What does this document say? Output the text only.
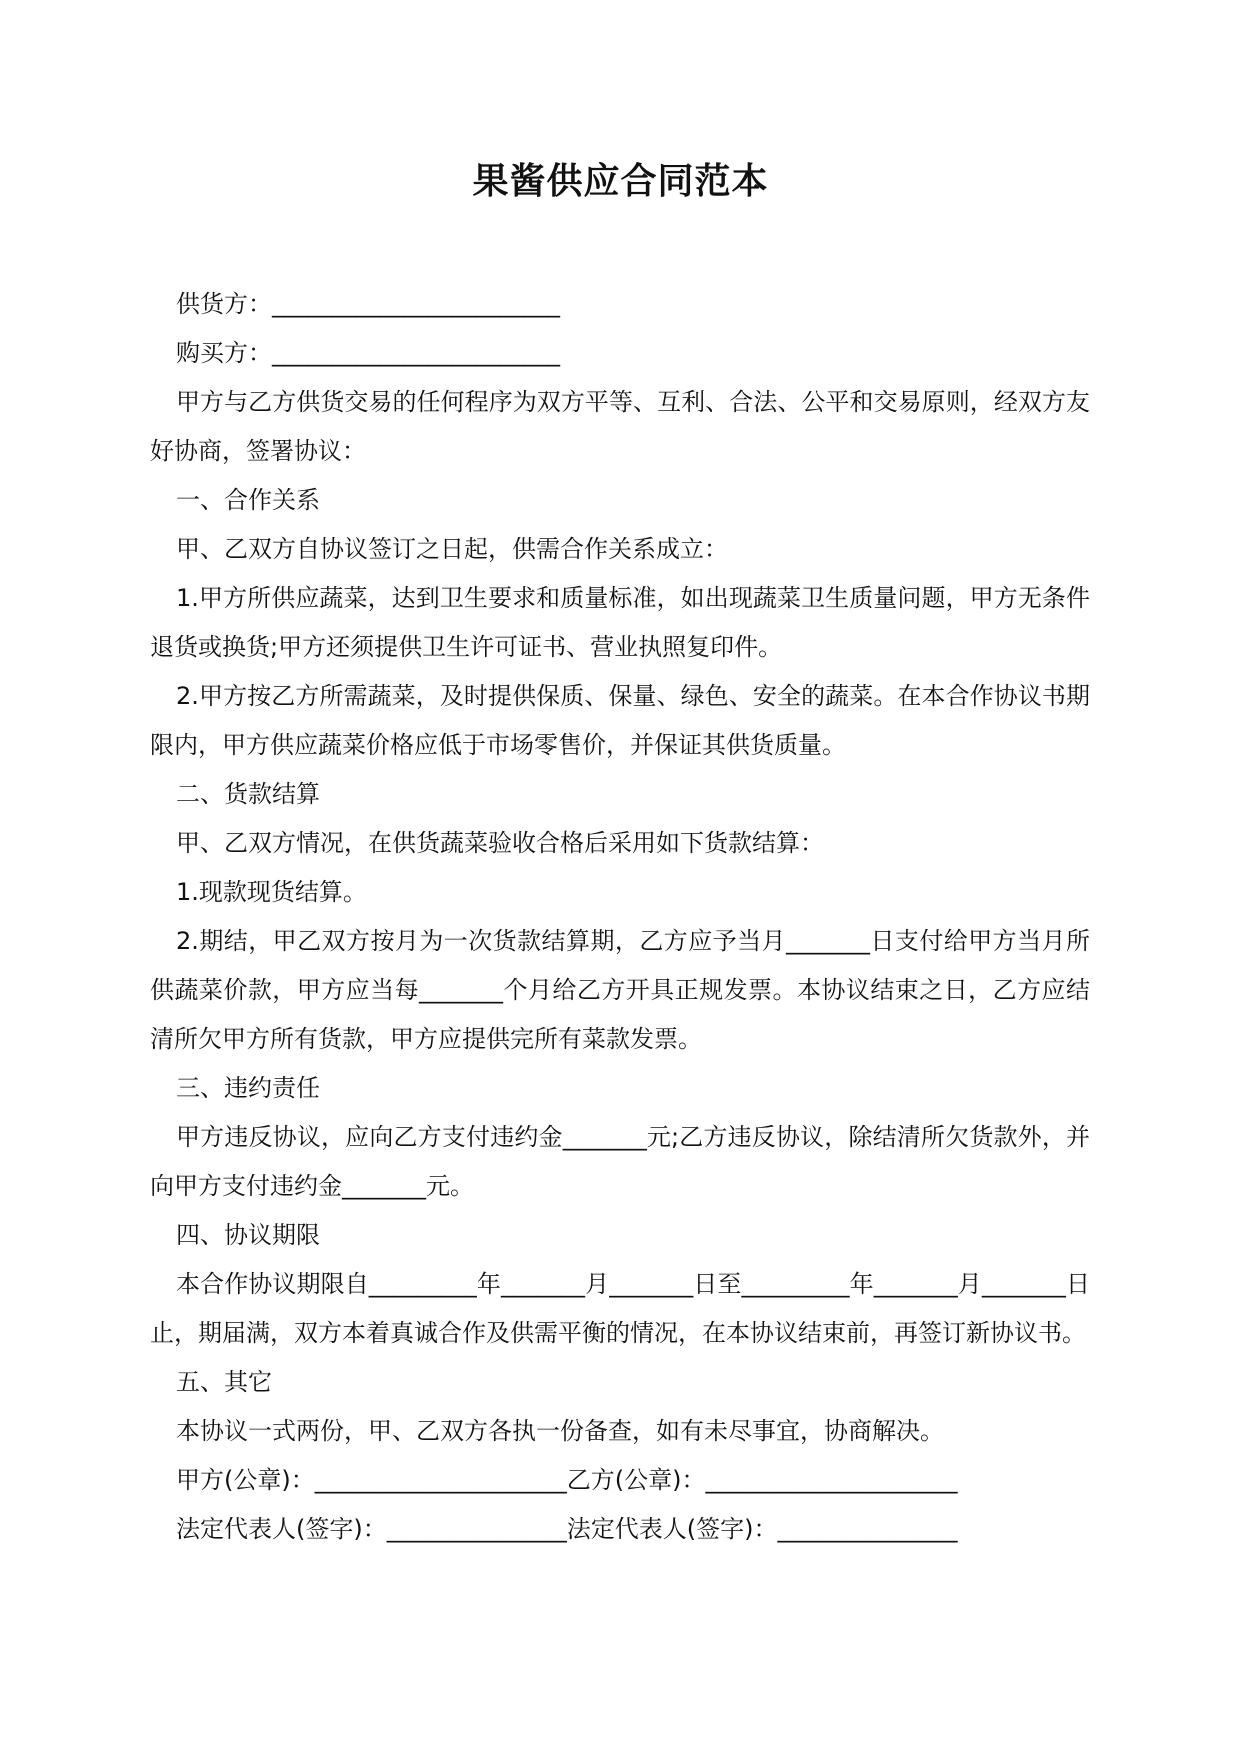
果酱供应合同范本

供货方：________________________

购买方：________________________

甲方与乙方供货交易的任何程序为双方平等、互利、合法、公平和交易原则，经双方友好协商，签署协议：

一、合作关系

甲、乙双方自协议签订之日起，供需合作关系成立：

1.甲方所供应蔬菜，达到卫生要求和质量标准，如出现蔬菜卫生质量问题，甲方无条件退货或换货;甲方还须提供卫生许可证书、营业执照复印件。

2.甲方按乙方所需蔬菜，及时提供保质、保量、绿色、安全的蔬菜。在本合作协议书期限内，甲方供应蔬菜价格应低于市场零售价，并保证其供货质量。

二、货款结算

甲、乙双方情况，在供货蔬菜验收合格后采用如下货款结算：

1.现款现货结算。

2.期结，甲乙双方按月为一次货款结算期，乙方应予当月_______日支付给甲方当月所供蔬菜价款，甲方应当每_______个月给乙方开具正规发票。本协议结束之日，乙方应结清所欠甲方所有货款，甲方应提供完所有菜款发票。

三、违约责任

甲方违反协议，应向乙方支付违约金_______元;乙方违反协议，除结清所欠货款外，并向甲方支付违约金_______元。

四、协议期限

本合作协议期限自_________年_______月_______日至_________年_______月_______日止，期届满，双方本着真诚合作及供需平衡的情况，在本协议结束前，再签订新协议书。

五、其它

本协议一式两份，甲、乙双方各执一份备查，如有未尽事宜，协商解决。

甲方(公章)：_____________________乙方(公章)：_____________________

法定代表人(签字)：_______________法定代表人(签字)：_______________
